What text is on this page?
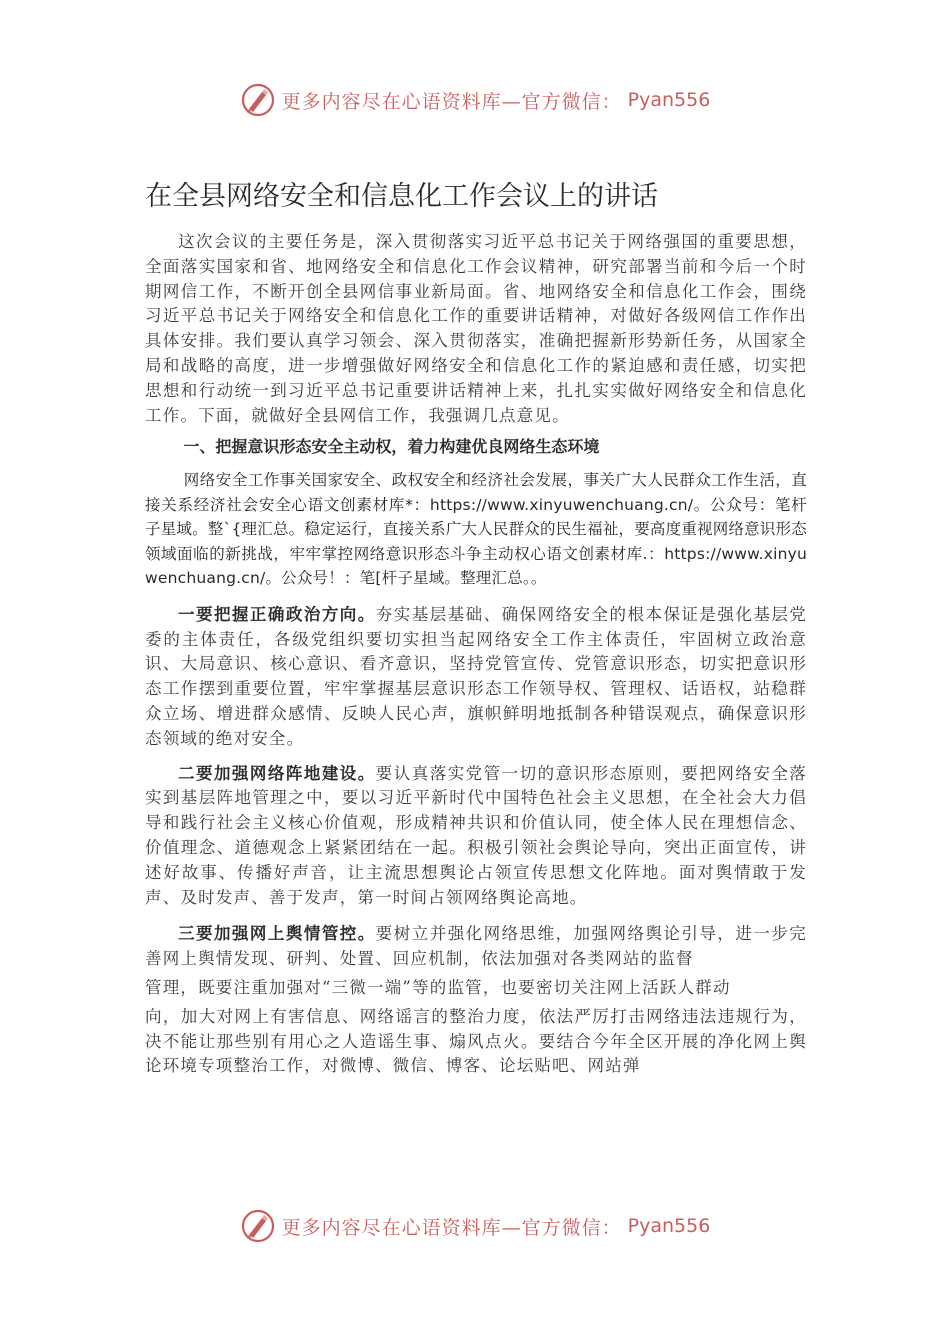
更多内容尽在心语资料库—官方微信： Pyan556
在全县网络安全和信息化工作会议上的讲话

这次会议的主要任务是，深入贯彻落实习近平总书记关于网络强国的重要思想，全面落实国家和省、地网络安全和信息化工作会议精神，研究部署当前和今后一个时期网信工作，不断开创全县网信事业新局面。省、地网络安全和信息化工作会，围绕习近平总书记关于网络安全和信息化工作的重要讲话精神，对做好各级网信工作作出具体安排。我们要认真学习领会、深入贯彻落实，准确把握新形势新任务，从国家全局和战略的高度，进一步增强做好网络安全和信息化工作的紧迫感和责任感，切实把思想和行动统一到习近平总书记重要讲话精神上来，扎扎实实做好网络安全和信息化工作。下面，就做好全县网信工作，我强调几点意见。

一、把握意识形态安全主动权，着力构建优良网络生态环境

网络安全工作事关国家安全、政权安全和经济社会发展，事关广大人民群众工作生活，直接关系经济社会安全心语文创素材库*：https://www.xinyuwenchuang.cn/。公众号：笔杆子星域。整`{理汇总。稳定运行，直接关系广大人民群众的民生福祉，要高度重视网络意识形态领域面临的新挑战，牢牢掌控网络意识形态斗争主动权心语文创素材库.：https://www.xinyuwenchuang.cn/。公众号！：笔[杆子星域。整理汇总。。

一要把握正确政治方向。夯实基层基础、确保网络安全的根本保证是强化基层党委的主体责任，各级党组织要切实担当起网络安全工作主体责任，牢固树立政治意识、大局意识、核心意识、看齐意识，坚持党管宣传、党管意识形态，切实把意识形态工作摆到重要位置，牢牢掌握基层意识形态工作领导权、管理权、话语权，站稳群众立场、增进群众感情、反映人民心声，旗帜鲜明地抵制各种错误观点，确保意识形态领域的绝对安全。

二要加强网络阵地建设。要认真落实党管一切的意识形态原则，要把网络安全落实到基层阵地管理之中，要以习近平新时代中国特色社会主义思想，在全社会大力倡导和践行社会主义核心价值观，形成精神共识和价值认同，使全体人民在理想信念、价值理念、道德观念上紧紧团结在一起。积极引领社会舆论导向，突出正面宣传，讲述好故事、传播好声音，让主流思想舆论占领宣传思想文化阵地。面对舆情敢于发声、及时发声、善于发声，第一时间占领网络舆论高地。

三要加强网上舆情管控。要树立并强化网络思维，加强网络舆论引导，进一步完善网上舆情发现、研判、处置、回应机制，依法加强对各类网站的监督
管理，既要注重加强对“三微一端”等的监管，也要密切关注网上活跃人群动
向，加大对网上有害信息、网络谣言的整治力度，依法严厉打击网络违法违规行为，决不能让那些别有用心之人造谣生事、煽风点火。要结合今年全区开展的净化网上舆论环境专项整治工作，对微博、微信、博客、论坛贴吧、网站弹

更多内容尽在心语资料库—官方微信： Pyan556
